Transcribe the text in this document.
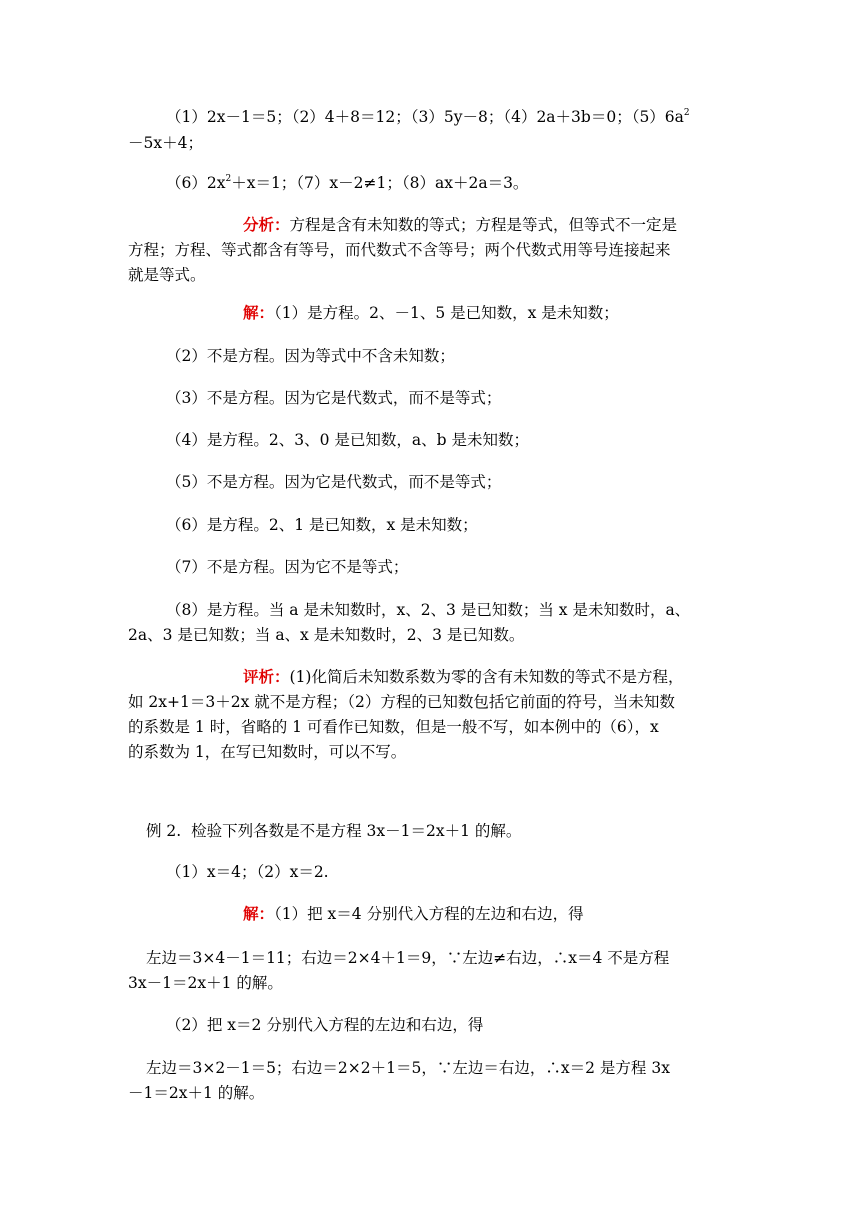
（1）2x－1＝5；（2）4＋8＝12；（3）5y－8；（4）2a＋3b＝0；$(5)6a^2$

－5x＋4；

$(6)2x^2+x=1$；（7）x－2≠1；（8）ax＋2a＝3。

分析：方程是含有未知数的等式；方程是等式，但等式不一定是

方程；方程、等式都含有等号，而代数式不含等号；两个代数式用等号连接起来

就是等式。

解：（1）是方程。2、－1、5 是已知数，x 是未知数；

（2）不是方程。因为等式中不含未知数；

（3）不是方程。因为它是代数式，而不是等式；

（4）是方程。2、3、0 是已知数，a、b 是未知数；

（5）不是方程。因为它是代数式，而不是等式；

（6）是方程。2、1 是已知数，x 是未知数；

（7）不是方程。因为它不是等式；

（8）是方程。当 a 是未知数时，x、2、3 是已知数；当 x 是未知数时，a、

2a、3 是已知数；当 a、x 是未知数时，2、3 是已知数。

评析：(1)化简后未知数系数为零的含有未知数的等式不是方程，

如 2x+1＝3＋2x 就不是方程；（2）方程的已知数包括它前面的符号，当未知数

的系数是 1 时，省略的 1 可看作已知数，但是一般不写，如本例中的（6），x

的系数为 1，在写已知数时，可以不写。

例 2.  检验下列各数是不是方程 3x－1＝2x＋1 的解。

（1）x＝4；（2）x＝2.

解：（1）把 x＝4 分别代入方程的左边和右边，得

左边＝3×4－1＝11；右边＝2×4＋1＝9，∵左边≠右边，∴x＝4 不是方程

3x－1＝2x＋1 的解。

（2）把 x＝2 分别代入方程的左边和右边，得

左边＝3×2－1＝5；右边＝2×2＋1＝5，∵左边＝右边，∴x＝2 是方程 3x

－1＝2x＋1 的解。
